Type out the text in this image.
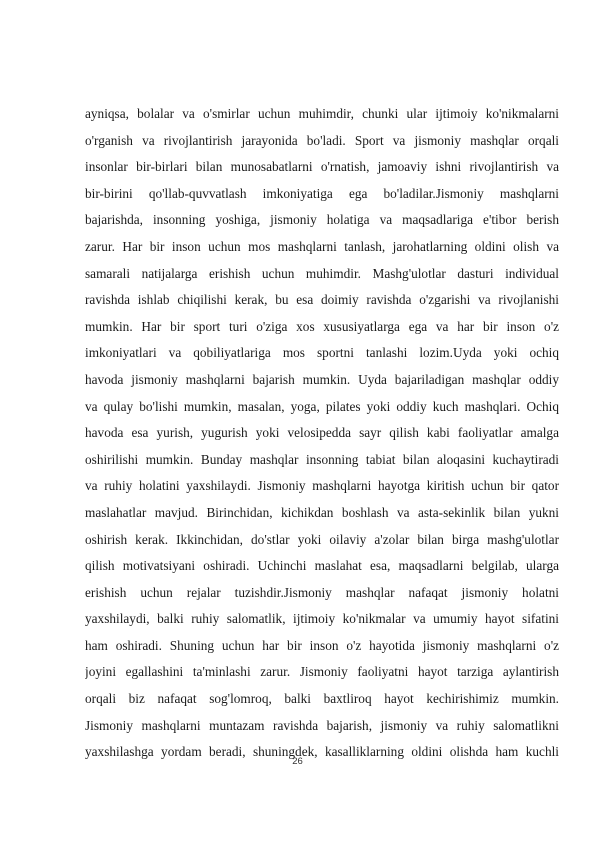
ayniqsa, bolalar va o'smirlar uchun muhimdir, chunki ular ijtimoiy ko'nikmalarni
o'rganish va rivojlantirish jarayonida bo'ladi. Sport va jismoniy mashqlar orqali
insonlar bir-birlari bilan munosabatlarni o'rnatish, jamoaviy ishni rivojlantirish va
bir-birini qo'llab-quvvatlash imkoniyatiga ega bo'ladilar.Jismoniy mashqlarni
bajarishda, insonning yoshiga, jismoniy holatiga va maqsadlariga e'tibor berish
zarur. Har bir inson uchun mos mashqlarni tanlash, jarohatlarning oldini olish va
samarali natijalarga erishish uchun muhimdir. Mashg'ulotlar dasturi individual
ravishda ishlab chiqilishi kerak, bu esa doimiy ravishda o'zgarishi va rivojlanishi
mumkin. Har bir sport turi o'ziga xos xususiyatlarga ega va har bir inson o'z
imkoniyatlari va qobiliyatlariga mos sportni tanlashi lozim.Uyda yoki ochiq
havoda jismoniy mashqlarni bajarish mumkin. Uyda bajariladigan mashqlar oddiy
va qulay bo'lishi mumkin, masalan, yoga, pilates yoki oddiy kuch mashqlari. Ochiq
havoda esa yurish, yugurish yoki velosipedda sayr qilish kabi faoliyatlar amalga
oshirilishi mumkin. Bunday mashqlar insonning tabiat bilan aloqasini kuchaytiradi
va ruhiy holatini yaxshilaydi. Jismoniy mashqlarni hayotga kiritish uchun bir qator
maslahatlar mavjud. Birinchidan, kichikdan boshlash va asta-sekinlik bilan yukni
oshirish kerak. Ikkinchidan, do'stlar yoki oilaviy a'zolar bilan birga mashg'ulotlar
qilish motivatsiyani oshiradi. Uchinchi maslahat esa, maqsadlarni belgilab, ularga
erishish uchun rejalar tuzishdir.Jismoniy mashqlar nafaqat jismoniy holatni
yaxshilaydi, balki ruhiy salomatlik, ijtimoiy ko'nikmalar va umumiy hayot sifatini
ham oshiradi. Shuning uchun har bir inson o'z hayotida jismoniy mashqlarni o'z
joyini egallashini ta'minlashi zarur. Jismoniy faoliyatni hayot tarziga aylantirish
orqali biz nafaqat sog'lomroq, balki baxtliroq hayot kechirishimiz mumkin.
Jismoniy mashqlarni muntazam ravishda bajarish, jismoniy va ruhiy salomatlikni
yaxshilashga yordam beradi, shuningdek, kasalliklarning oldini olishda ham kuchli
26
